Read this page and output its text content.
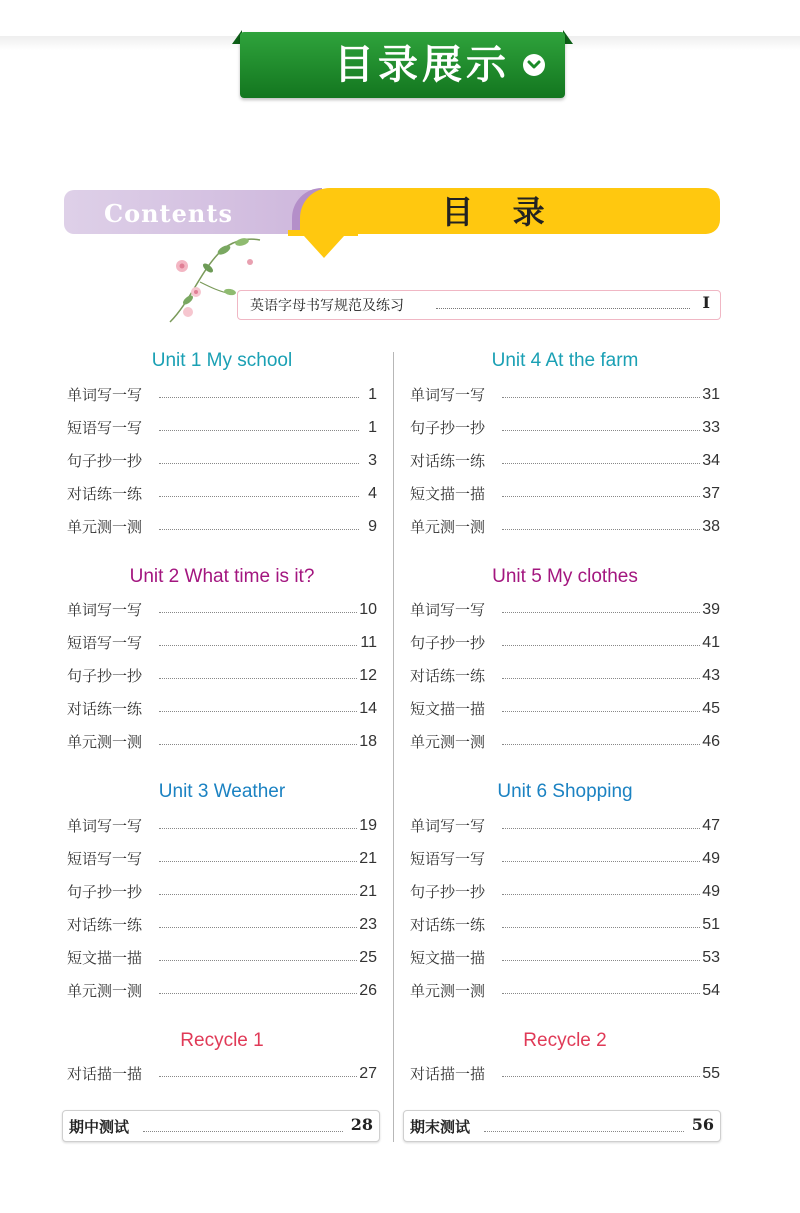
目录展示
Contents	目 录
英语字母书写规范及练习	I
Unit 1 My school
单词写一写	1
短语写一写	1
句子抄一抄	3
对话练一练	4
单元测一测	9
Unit 2 What time is it?
单词写一写	10
短语写一写	11
句子抄一抄	12
对话练一练	14
单元测一测	18
Unit 3 Weather
单词写一写	19
短语写一写	21
句子抄一抄	21
对话练一练	23
短文描一描	25
单元测一测	26
Recycle 1
对话描一描	27
期中测试	28
Unit 4 At the farm
单词写一写	31
句子抄一抄	33
对话练一练	34
短文描一描	37
单元测一测	38
Unit 5 My clothes
单词写一写	39
句子抄一抄	41
对话练一练	43
短文描一描	45
单元测一测	46
Unit 6 Shopping
单词写一写	47
短语写一写	49
句子抄一抄	49
对话练一练	51
短文描一描	53
单元测一测	54
Recycle 2
对话描一描	55
期末测试	56
